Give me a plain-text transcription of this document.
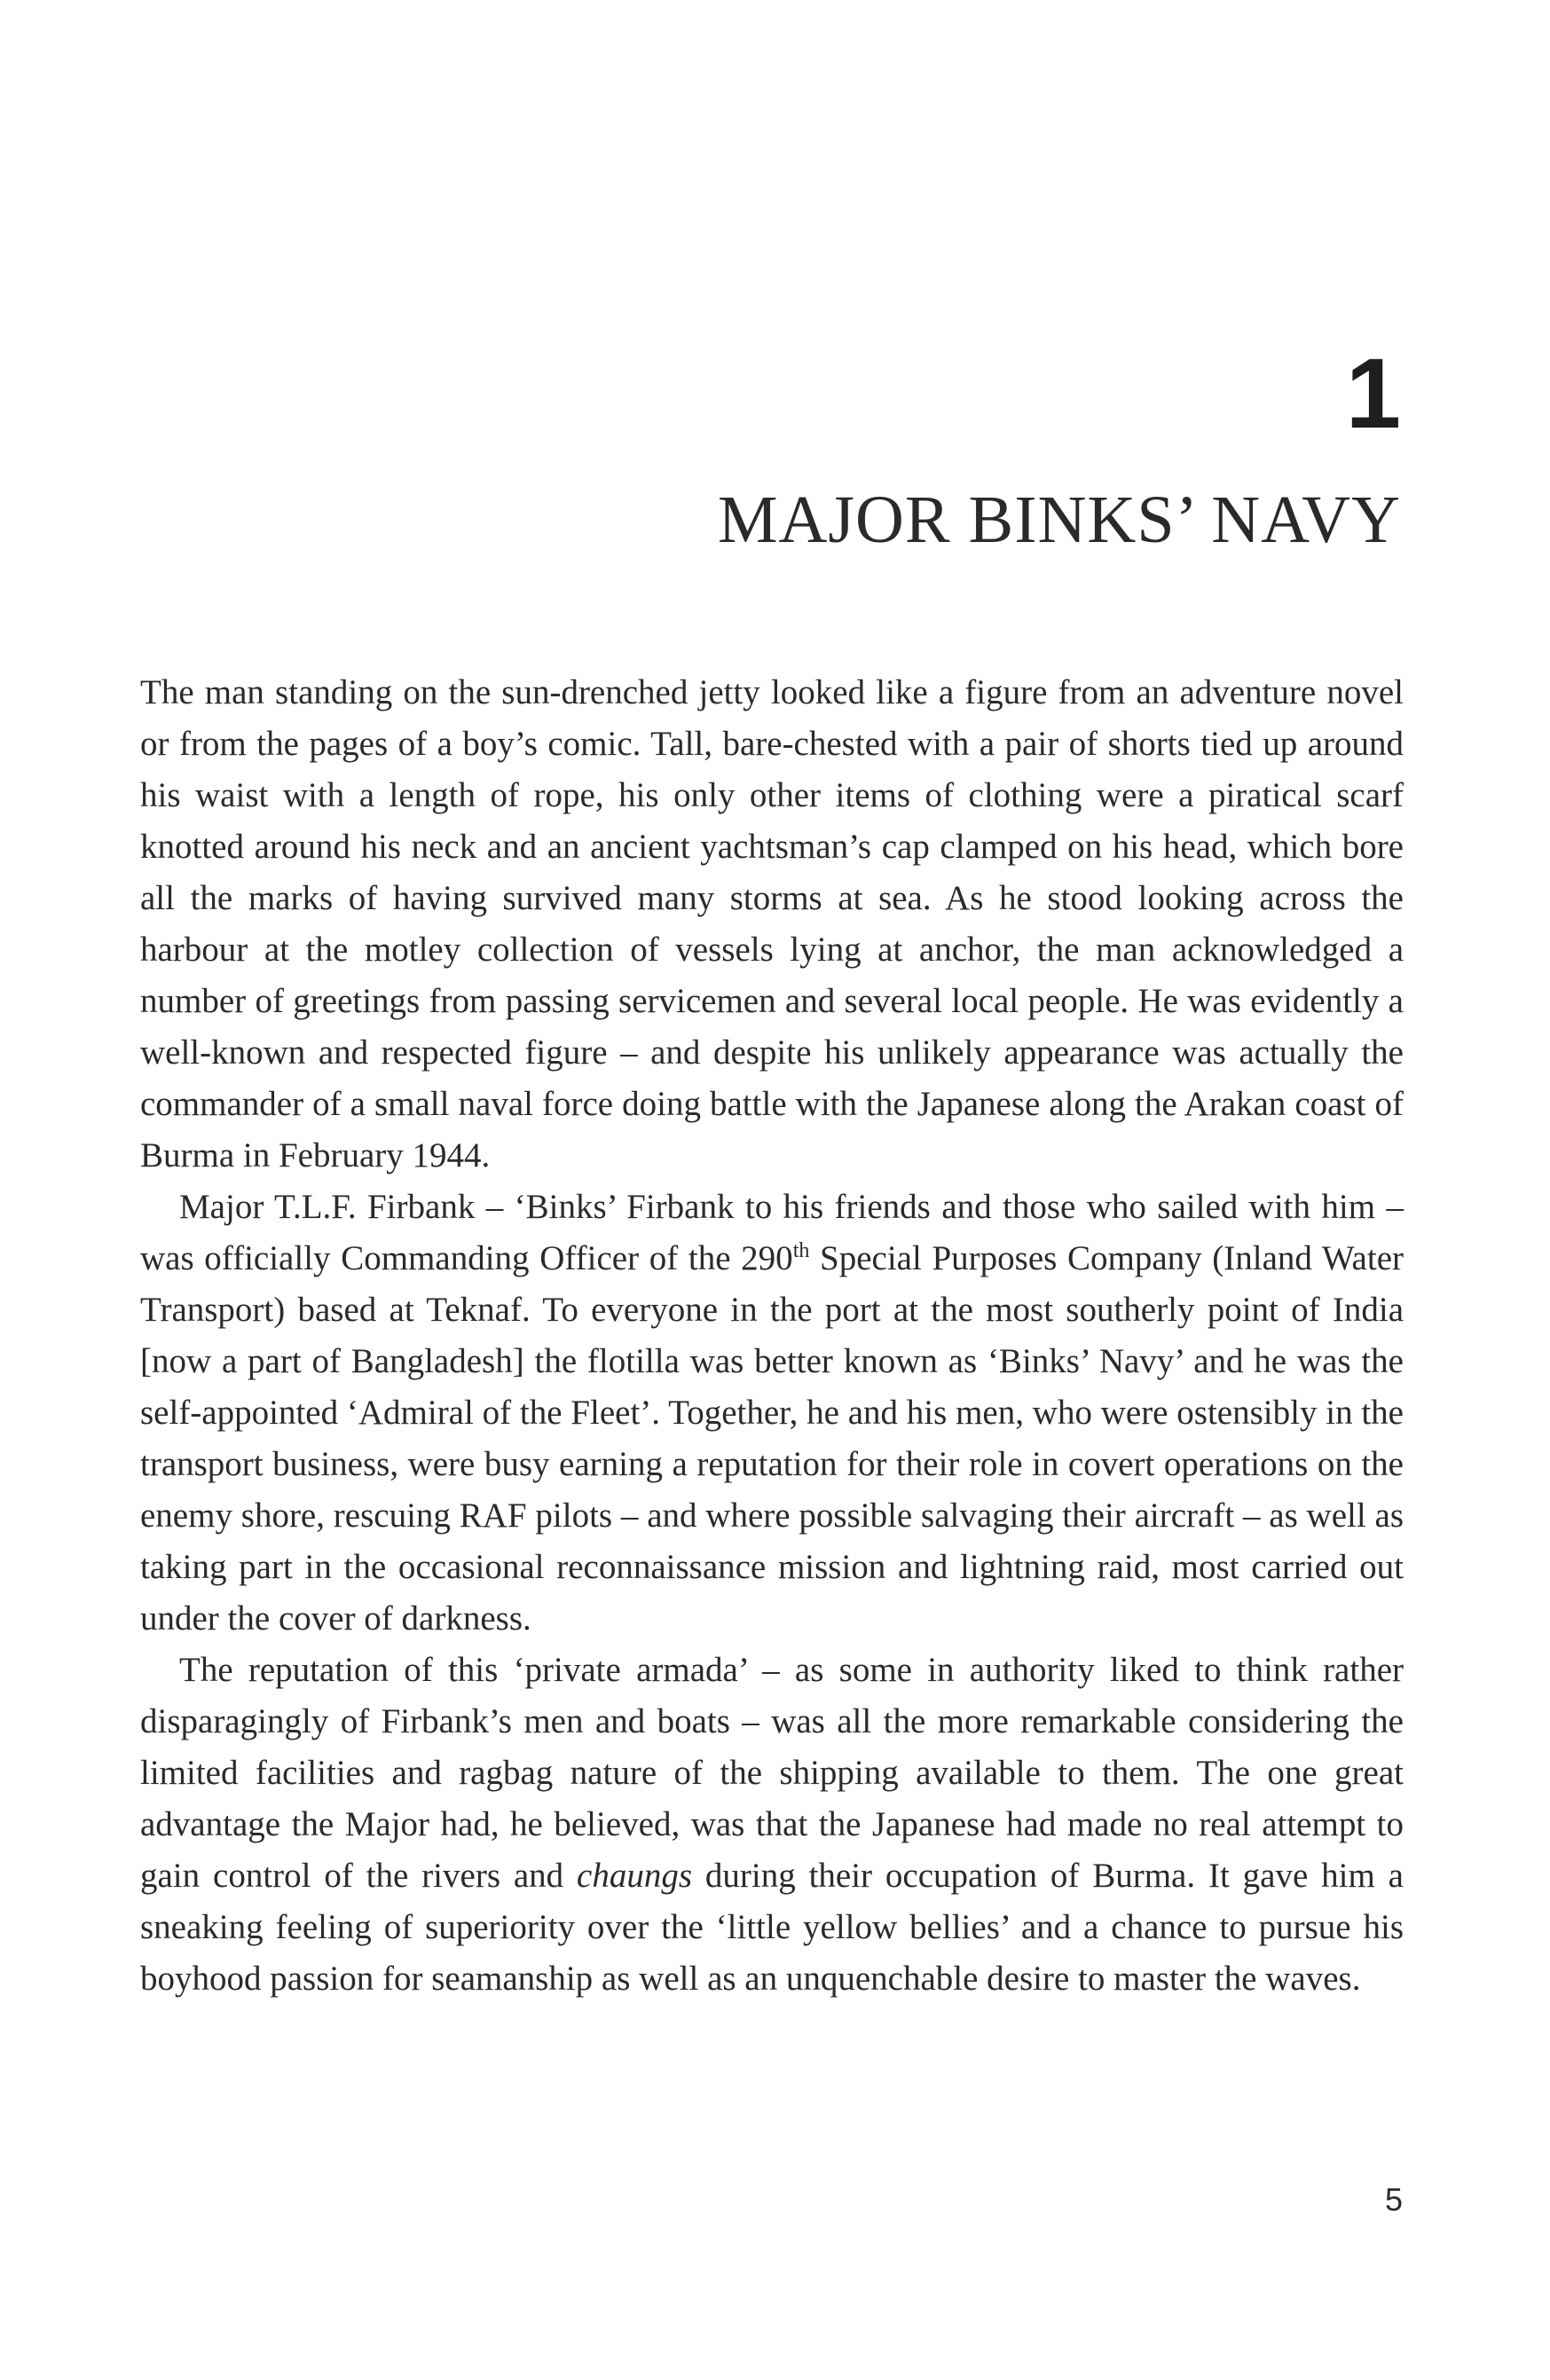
1
MAJOR BINKS’ NAVY

The man standing on the sun-drenched jetty looked like a figure from an adventure novel or from the pages of a boy’s comic. Tall, bare-chested with a pair of shorts tied up around his waist with a length of rope, his only other items of clothing were a piratical scarf knotted around his neck and an ancient yachtsman’s cap clamped on his head, which bore all the marks of having survived many storms at sea. As he stood looking across the harbour at the motley collection of vessels lying at anchor, the man acknowledged a number of greetings from passing servicemen and several local people. He was evidently a well-known and respected figure – and despite his unlikely appearance was actually the commander of a small naval force doing battle with the Japanese along the Arakan coast of Burma in February 1944.

Major T.L.F. Firbank – ‘Binks’ Firbank to his friends and those who sailed with him – was officially Commanding Officer of the 290th Special Purposes Company (Inland Water Transport) based at Teknaf. To everyone in the port at the most southerly point of India [now a part of Bangladesh] the flotilla was better known as ‘Binks’ Navy’ and he was the self-appointed ‘Admiral of the Fleet’. Together, he and his men, who were ostensibly in the transport business, were busy earning a reputation for their role in covert operations on the enemy shore, rescuing RAF pilots – and where possible salvaging their aircraft – as well as taking part in the occasional reconnaissance mission and lightning raid, most carried out under the cover of darkness.

The reputation of this ‘private armada’ – as some in authority liked to think rather disparagingly of Firbank’s men and boats – was all the more remarkable considering the limited facilities and ragbag nature of the shipping available to them. The one great advantage the Major had, he believed, was that the Japanese had made no real attempt to gain control of the rivers and chaungs during their occupation of Burma. It gave him a sneaking feeling of superiority over the ‘little yellow bellies’ and a chance to pursue his boyhood passion for seamanship as well as an unquenchable desire to master the waves.

5
